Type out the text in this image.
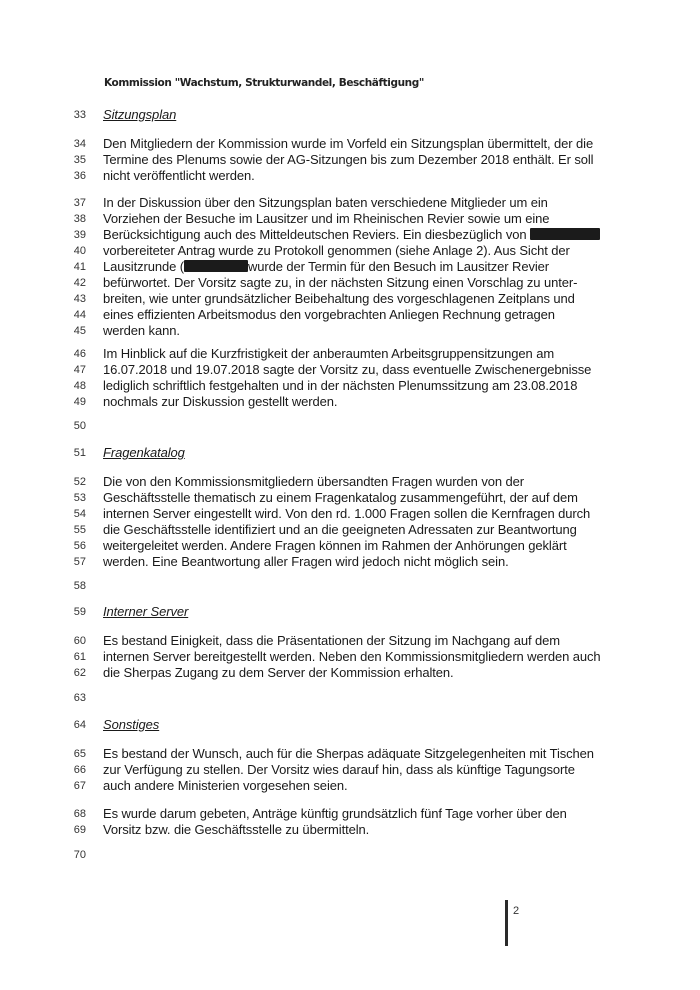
Kommission "Wachstum, Strukturwandel, Beschäftigung"
33 Sitzungsplan
34 Den Mitgliedern der Kommission wurde im Vorfeld ein Sitzungsplan übermittelt, der die
35 Termine des Plenums sowie der AG-Sitzungen bis zum Dezember 2018 enthält. Er soll
36 nicht veröffentlicht werden.
37 In der Diskussion über den Sitzungsplan baten verschiedene Mitglieder um ein
38 Vorziehen der Besuche im Lausitzer und im Rheinischen Revier sowie um eine
39 Berücksichtigung auch des Mitteldeutschen Reviers. Ein diesbezüglich von
40 vorbereiteter Antrag wurde zu Protokoll genommen (siehe Anlage 2). Aus Sicht der
41 Lausitzrunde (	wurde der Termin für den Besuch im Lausitzer Revier
42 befürwortet. Der Vorsitz sagte zu, in der nächsten Sitzung einen Vorschlag zu unter-
43 breiten, wie unter grundsätzlicher Beibehaltung des vorgeschlagenen Zeitplans und
44 eines effizienten Arbeitsmodus den vorgebrachten Anliegen Rechnung getragen
45 werden kann.
46 Im Hinblick auf die Kurzfristigkeit der anberaumten Arbeitsgruppensitzungen am
47 16.07.2018 und 19.07.2018 sagte der Vorsitz zu, dass eventuelle Zwischenergebnisse
48 lediglich schriftlich festgehalten und in der nächsten Plenumssitzung am 23.08.2018
49 nochmals zur Diskussion gestellt werden.
50
51 Fragenkatalog
52 Die von den Kommissionsmitgliedern übersandten Fragen wurden von der
53 Geschäftsstelle thematisch zu einem Fragenkatalog zusammengeführt, der auf dem
54 internen Server eingestellt wird. Von den rd. 1.000 Fragen sollen die Kernfragen durch
55 die Geschäftsstelle identifiziert und an die geeigneten Adressaten zur Beantwortung
56 weitergeleitet werden. Andere Fragen können im Rahmen der Anhörungen geklärt
57 werden. Eine Beantwortung aller Fragen wird jedoch nicht möglich sein.
58
59 Interner Server
60 Es bestand Einigkeit, dass die Präsentationen der Sitzung im Nachgang auf dem
61 internen Server bereitgestellt werden. Neben den Kommissionsmitgliedern werden auch
62 die Sherpas Zugang zu dem Server der Kommission erhalten.
63
64 Sonstiges
65 Es bestand der Wunsch, auch für die Sherpas adäquate Sitzgelegenheiten mit Tischen
66 zur Verfügung zu stellen. Der Vorsitz wies darauf hin, dass als künftige Tagungsorte
67 auch andere Ministerien vorgesehen seien.
68 Es wurde darum gebeten, Anträge künftig grundsätzlich fünf Tage vorher über den
69 Vorsitz bzw. die Geschäftsstelle zu übermitteln.
70
2
